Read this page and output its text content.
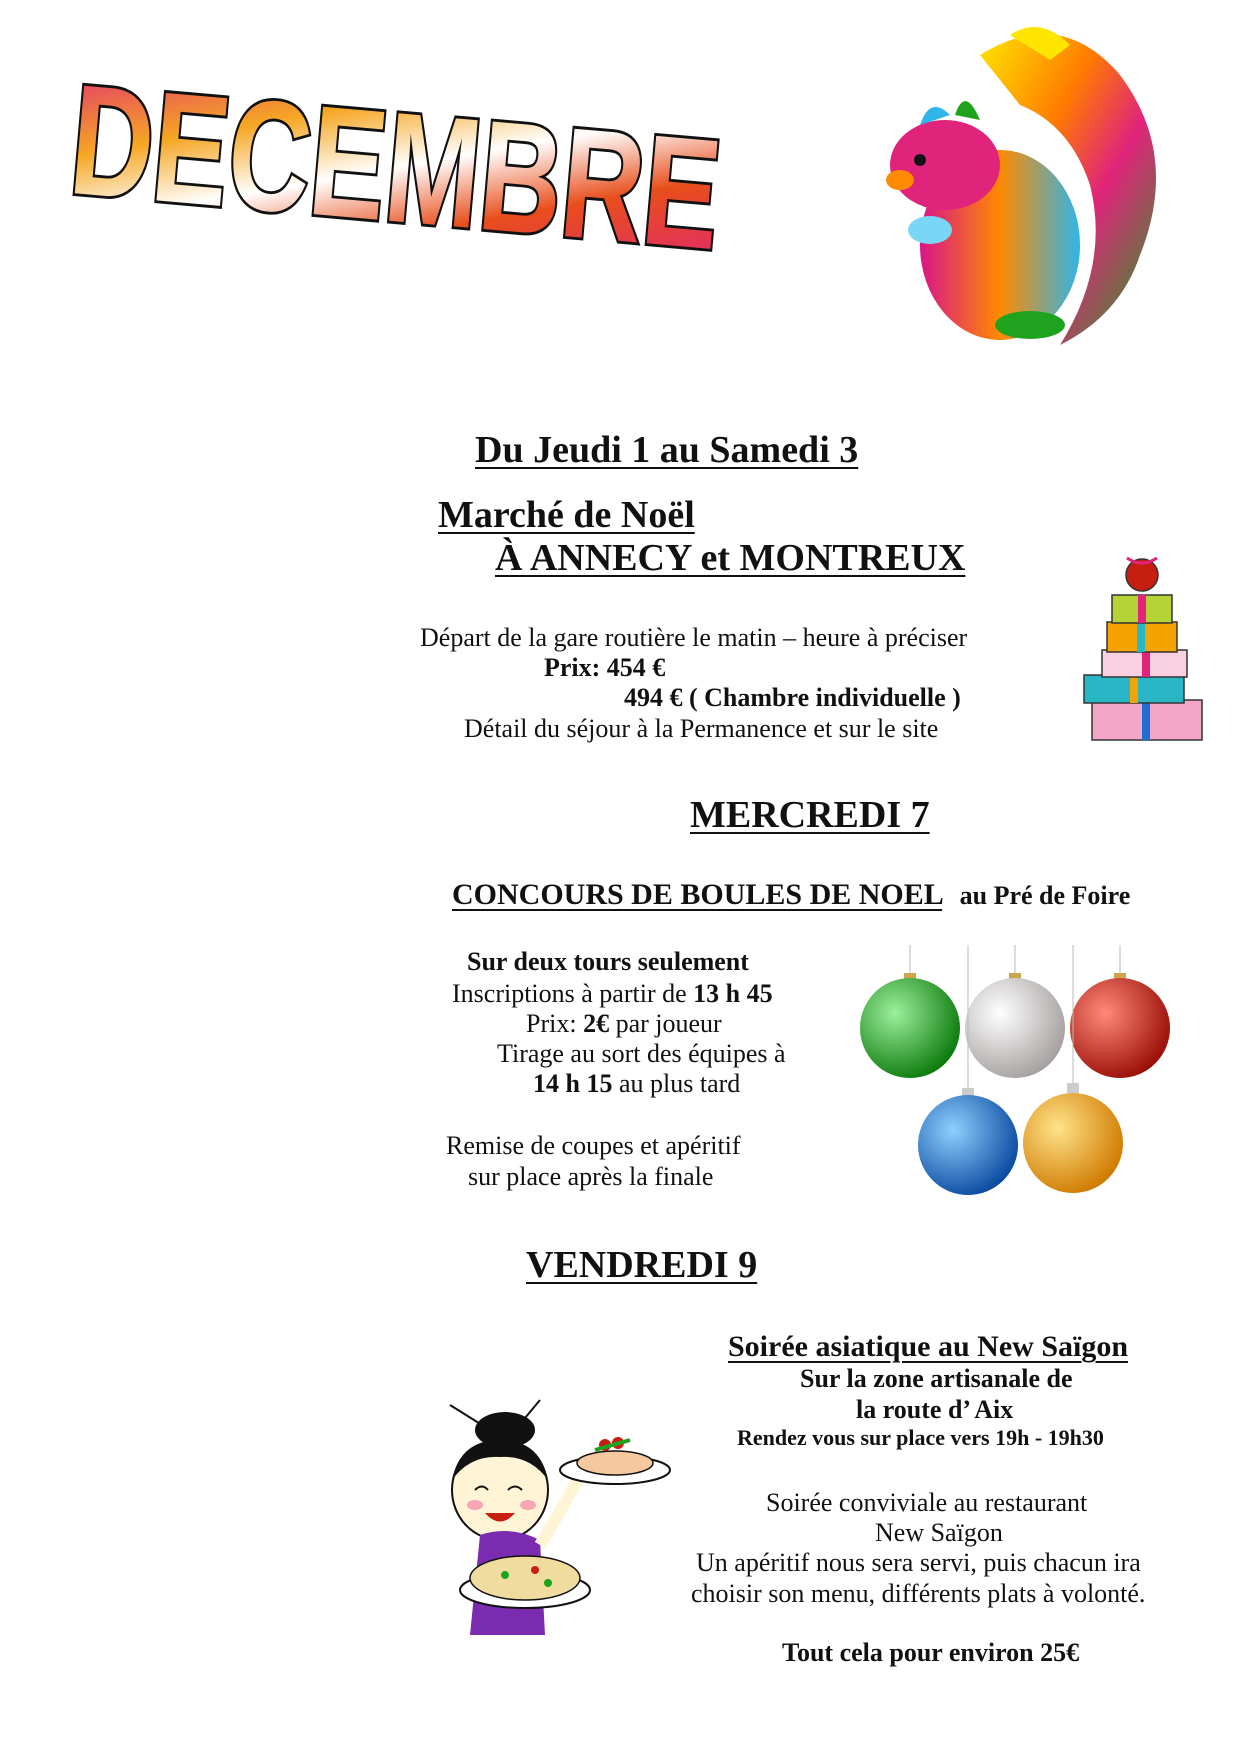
DECEMBRE
Du Jeudi 1 au Samedi 3
Marché de Noël
À ANNECY et MONTREUX
Départ de la gare routière le matin – heure à préciser
Prix: 454 €
494 € ( Chambre individuelle )
Détail du séjour à la Permanence et sur le site
MERCREDI 7
CONCOURS DE BOULES DE NOEL au Pré de Foire
Sur deux tours seulement
Inscriptions à partir de 13 h 45
Prix: 2€ par joueur
Tirage au sort des équipes à
14 h 15 au plus tard
Remise de coupes et apéritif
sur place après la finale
VENDREDI 9
Soirée asiatique au New Saïgon
Sur la zone artisanale de
la route d’ Aix
Rendez vous sur place vers 19h - 19h30
Soirée conviviale au restaurant
New Saïgon
Un apéritif nous sera servi, puis chacun ira
choisir son menu, différents plats à volonté.
Tout cela pour environ 25€
